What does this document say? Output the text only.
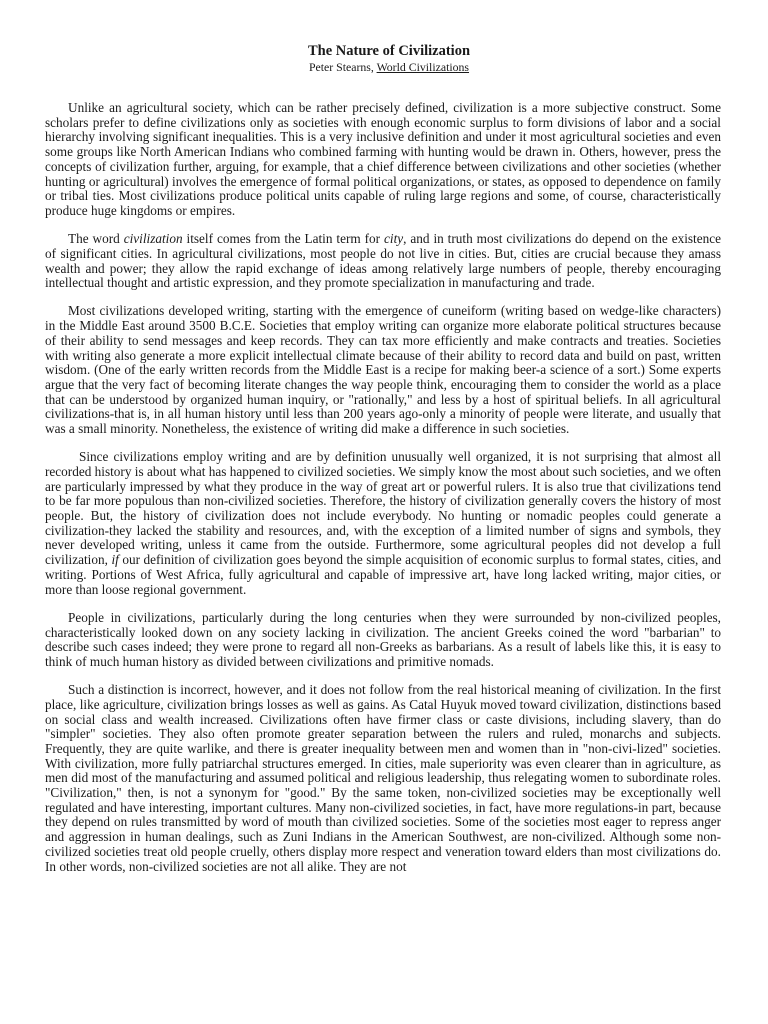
The Nature of Civilization
Peter Stearns, World Civilizations

Unlike an agricultural society, which can be rather precisely defined, civilization is a more subjective construct. Some scholars prefer to define civilizations only as societies with enough economic surplus to form divisions of labor and a social hierarchy involving significant inequalities. This is a very inclusive definition and under it most agricultural societies and even some groups like North American Indians who combined farming with hunting would be drawn in. Others, however, press the concepts of civilization further, arguing, for example, that a chief difference between civilizations and other societies (whether hunting or agricultural) involves the emergence of formal political organizations, or states, as opposed to dependence on family or tribal ties. Most civilizations produce political units capable of ruling large regions and some, of course, characteristically produce huge kingdoms or empires.

The word civilization itself comes from the Latin term for city, and in truth most civilizations do depend on the existence of significant cities. In agricultural civilizations, most people do not live in cities. But, cities are crucial because they amass wealth and power; they allow the rapid exchange of ideas among relatively large numbers of people, thereby encouraging intellectual thought and artistic expression, and they promote specialization in manufacturing and trade.

Most civilizations developed writing, starting with the emergence of cuneiform (writing based on wedge-like characters) in the Middle East around 3500 B.C.E. Societies that employ writing can organize more elaborate political structures because of their ability to send messages and keep records. They can tax more efficiently and make contracts and treaties. Societies with writing also generate a more explicit intellectual climate because of their ability to record data and build on past, written wisdom. (One of the early written records from the Middle East is a recipe for making beer-a science of a sort.) Some experts argue that the very fact of becoming literate changes the way people think, encouraging them to consider the world as a place that can be understood by organized human inquiry, or "rationally," and less by a host of spiritual beliefs. In all agricultural civilizations-that is, in all human history until less than 200 years ago-only a minority of people were literate, and usually that was a small minority. Nonetheless, the existence of writing did make a difference in such societies.

Since civilizations employ writing and are by definition unusually well organized, it is not surprising that almost all recorded history is about what has happened to civilized societies. We simply know the most about such societies, and we often are particularly impressed by what they produce in the way of great art or powerful rulers. It is also true that civilizations tend to be far more populous than non-civilized societies. Therefore, the history of civilization generally covers the history of most people. But, the history of civilization does not include everybody. No hunting or nomadic peoples could generate a civilization-they lacked the stability and resources, and, with the exception of a limited number of signs and symbols, they never developed writing, unless it came from the outside. Furthermore, some agricultural peoples did not develop a full civilization, if our definition of civilization goes beyond the simple acquisition of economic surplus to formal states, cities, and writing. Portions of West Africa, fully agricultural and capable of impressive art, have long lacked writing, major cities, or more than loose regional government.

People in civilizations, particularly during the long centuries when they were surrounded by non-civilized peoples, characteristically looked down on any society lacking in civilization. The ancient Greeks coined the word "barbarian" to describe such cases indeed; they were prone to regard all non-Greeks as barbarians. As a result of labels like this, it is easy to think of much human history as divided between civilizations and primitive nomads.

Such a distinction is incorrect, however, and it does not follow from the real historical meaning of civilization. In the first place, like agriculture, civilization brings losses as well as gains. As Catal Huyuk moved toward civilization, distinctions based on social class and wealth increased. Civilizations often have firmer class or caste divisions, including slavery, than do "simpler" societies. They also often promote greater separation between the rulers and ruled, monarchs and subjects. Frequently, they are quite warlike, and there is greater inequality between men and women than in "non-civi-lized" societies. With civilization, more fully patriarchal structures emerged. In cities, male superiority was even clearer than in agriculture, as men did most of the manufacturing and assumed political and religious leadership, thus relegating women to subordinate roles. "Civilization," then, is not a synonym for "good." By the same token, non-civilized societies may be exceptionally well regulated and have interesting, important cultures. Many non-civilized societies, in fact, have more regulations-in part, because they depend on rules transmitted by word of mouth than civilized societies. Some of the societies most eager to repress anger and aggression in human dealings, such as Zuni Indians in the American Southwest, are non-civilized. Although some non-civilized societies treat old people cruelly, others display more respect and veneration toward elders than most civilizations do. In other words, non-civilized societies are not all alike. They are not
